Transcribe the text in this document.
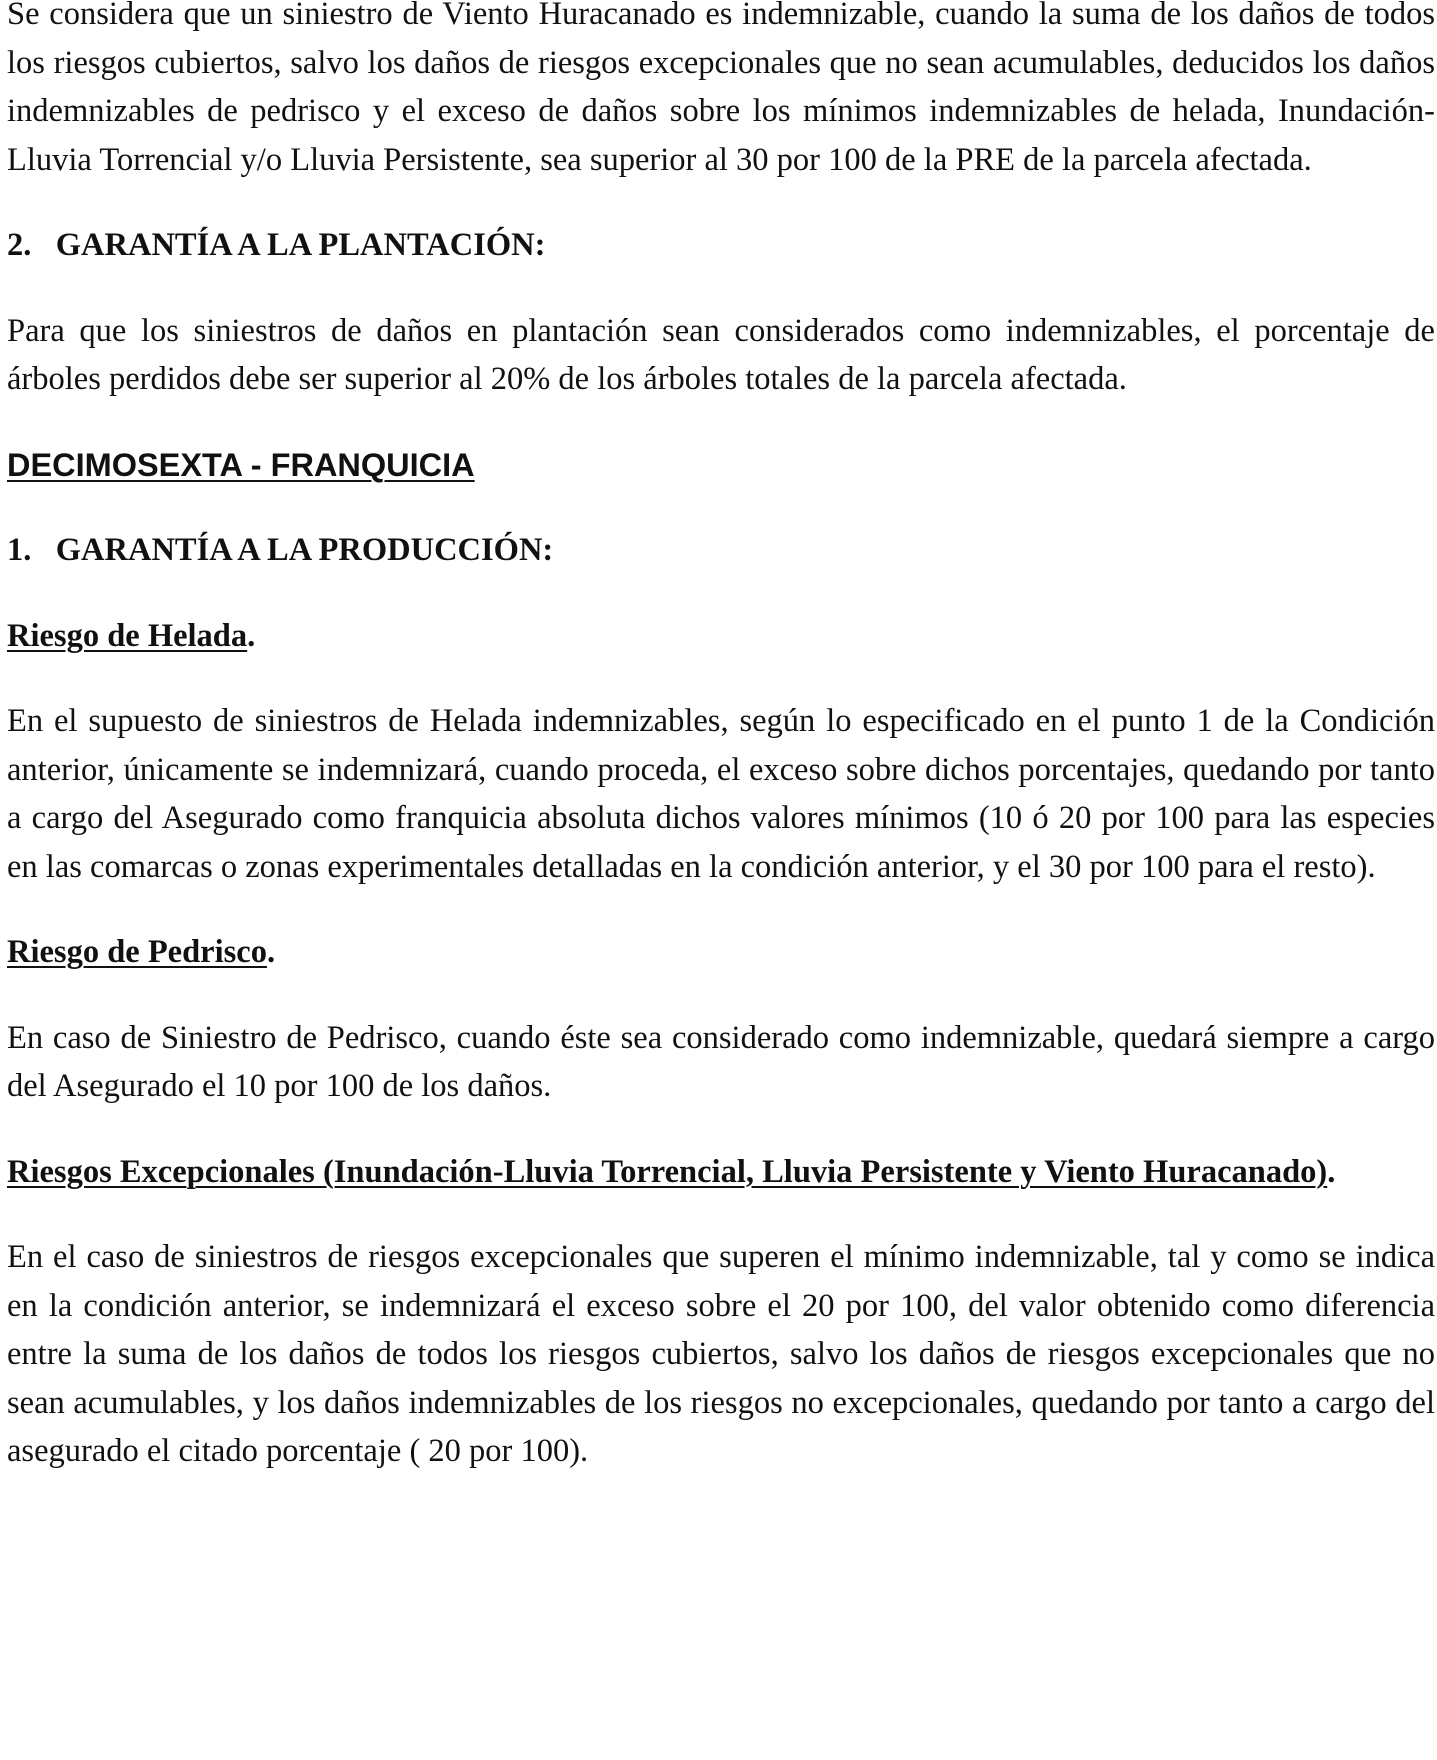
Se considera que un siniestro de Viento Huracanado es indemnizable, cuando la suma de los daños de todos los riesgos cubiertos, salvo los daños de riesgos excepcionales que no sean acumulables, deducidos los daños indemnizables de pedrisco y el exceso de daños sobre los mínimos indemnizables de helada, Inundación-Lluvia Torrencial y/o Lluvia Persistente, sea superior al 30 por 100 de la PRE de la parcela afectada.

2.   GARANTÍA A LA PLANTACIÓN:

Para que los siniestros de daños en plantación sean considerados como indemnizables, el porcentaje de árboles perdidos debe ser superior al 20% de los árboles totales de la parcela afectada.

DECIMOSEXTA - FRANQUICIA

1.   GARANTÍA A LA PRODUCCIÓN:

Riesgo de Helada.

En el supuesto de siniestros de Helada indemnizables, según lo especificado en el punto 1 de la Condición anterior, únicamente se indemnizará, cuando proceda, el exceso sobre dichos porcentajes, quedando por tanto a cargo del Asegurado como franquicia absoluta dichos valores mínimos (10 ó 20 por 100 para las especies en las comarcas o zonas experimentales detalladas en la condición anterior, y el 30 por 100 para el resto).

Riesgo de Pedrisco.

En caso de Siniestro de Pedrisco, cuando éste sea considerado como indemnizable, quedará siempre a cargo del Asegurado el 10 por 100 de los daños.

Riesgos Excepcionales (Inundación-Lluvia Torrencial, Lluvia Persistente y Viento Huracanado).

En el caso de siniestros de riesgos excepcionales que superen el mínimo indemnizable, tal y como se indica en la condición anterior, se indemnizará el exceso sobre el 20 por 100, del valor obtenido como diferencia entre la suma de los daños de todos los riesgos cubiertos, salvo los daños de riesgos excepcionales que no sean acumulables, y los daños indemnizables de los riesgos no excepcionales, quedando por tanto a cargo del asegurado el citado porcentaje ( 20 por 100).
